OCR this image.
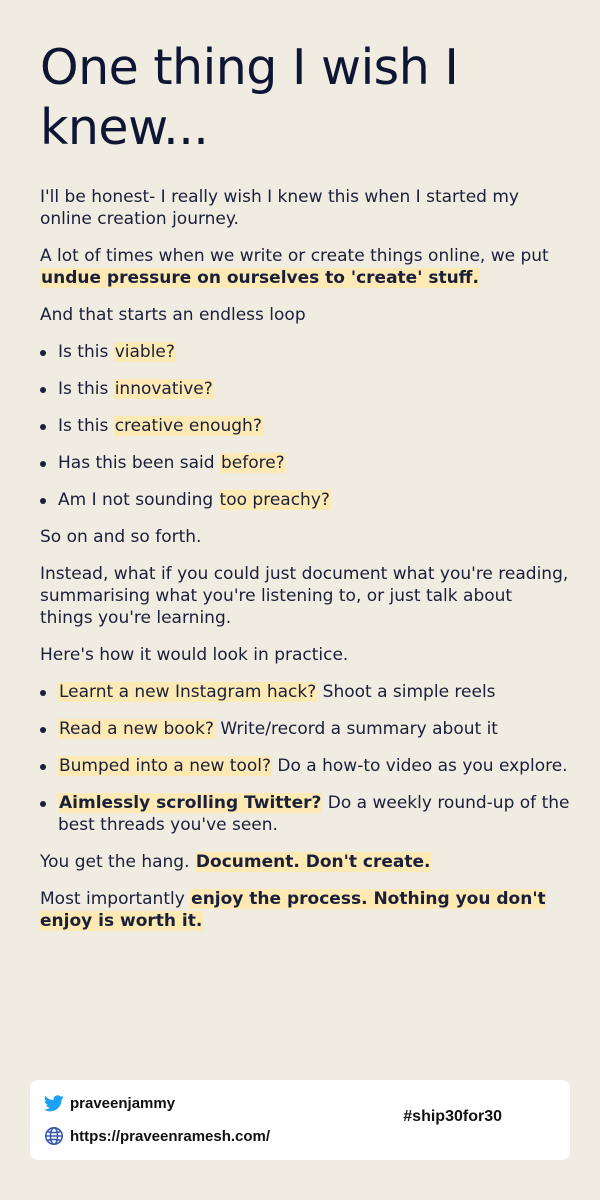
One thing I wish I knew...

I'll be honest- I really wish I knew this when I started my online creation journey.

A lot of times when we write or create things online, we put undue pressure on ourselves to 'create' stuff.

And that starts an endless loop

Is this viable?
Is this innovative?
Is this creative enough?
Has this been said before?
Am I not sounding too preachy?

So on and so forth.

Instead, what if you could just document what you're reading, summarising what you're listening to, or just talk about things you're learning.

Here's how it would look in practice.

Learnt a new Instagram hack? Shoot a simple reels
Read a new book? Write/record a summary about it
Bumped into a new tool? Do a how-to video as you explore.
Aimlessly scrolling Twitter? Do a weekly round-up of the best threads you've seen.

You get the hang. Document. Don't create.

Most importantly enjoy the process. Nothing you don't enjoy is worth it.

praveenjammy
https://praveenramesh.com/
#ship30for30
